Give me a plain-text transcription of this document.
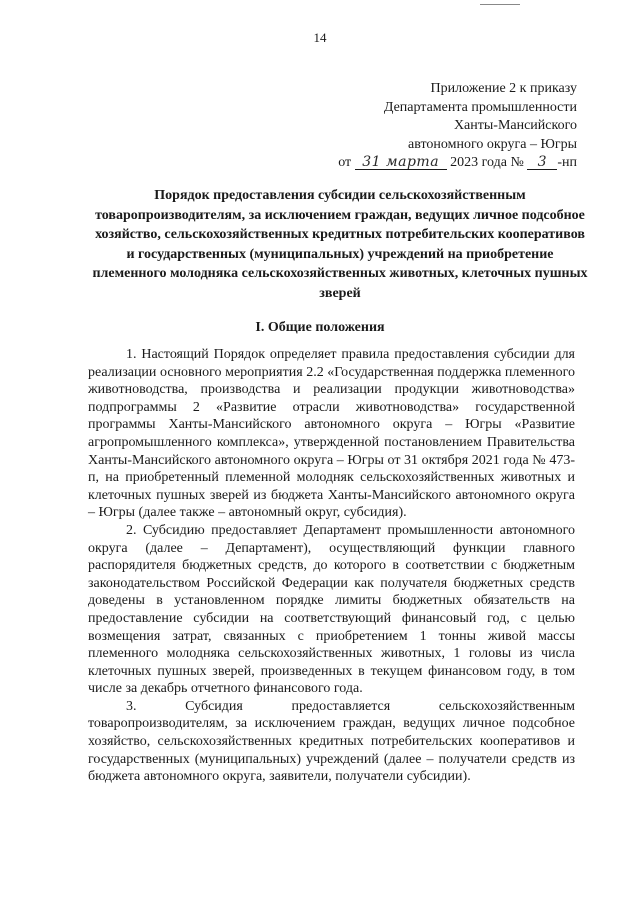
14
Приложение 2 к приказу
Департамента промышленности
Ханты-Мансийского
автономного округа – Югры
от 31 марта 2023 года № 3 -нп
Порядок предоставления субсидии сельскохозяйственным товаропроизводителям, за исключением граждан, ведущих личное подсобное хозяйство, сельскохозяйственных кредитных потребительских кооперативов и государственных (муниципальных) учреждений на приобретение племенного молодняка сельскохозяйственных животных, клеточных пушных зверей
I. Общие положения

1. Настоящий Порядок определяет правила предоставления субсидии для реализации основного мероприятия 2.2 «Государственная поддержка племенного животноводства, производства и реализации продукции животноводства» подпрограммы 2 «Развитие отрасли животноводства» государственной программы Ханты-Мансийского автономного округа – Югры «Развитие агропромышленного комплекса», утвержденной постановлением Правительства Ханты-Мансийского автономного округа – Югры от 31 октября 2021 года № 473-п, на приобретенный племенной молодняк сельскохозяйственных животных и клеточных пушных зверей из бюджета Ханты-Мансийского автономного округа – Югры (далее также – автономный округ, субсидия).

2. Субсидию предоставляет Департамент промышленности автономного округа (далее – Департамент), осуществляющий функции главного распорядителя бюджетных средств, до которого в соответствии с бюджетным законодательством Российской Федерации как получателя бюджетных средств доведены в установленном порядке лимиты бюджетных обязательств на предоставление субсидии на соответствующий финансовый год, с целью возмещения затрат, связанных с приобретением 1 тонны живой массы племенного молодняка сельскохозяйственных животных, 1 головы из числа клеточных пушных зверей, произведенных в текущем финансовом году, в том числе за декабрь отчетного финансового года.

3. Субсидия предоставляется сельскохозяйственным товаропроизводителям, за исключением граждан, ведущих личное подсобное хозяйство, сельскохозяйственных кредитных потребительских кооперативов и государственных (муниципальных) учреждений (далее – получатели средств из бюджета автономного округа, заявители, получатели субсидии).
